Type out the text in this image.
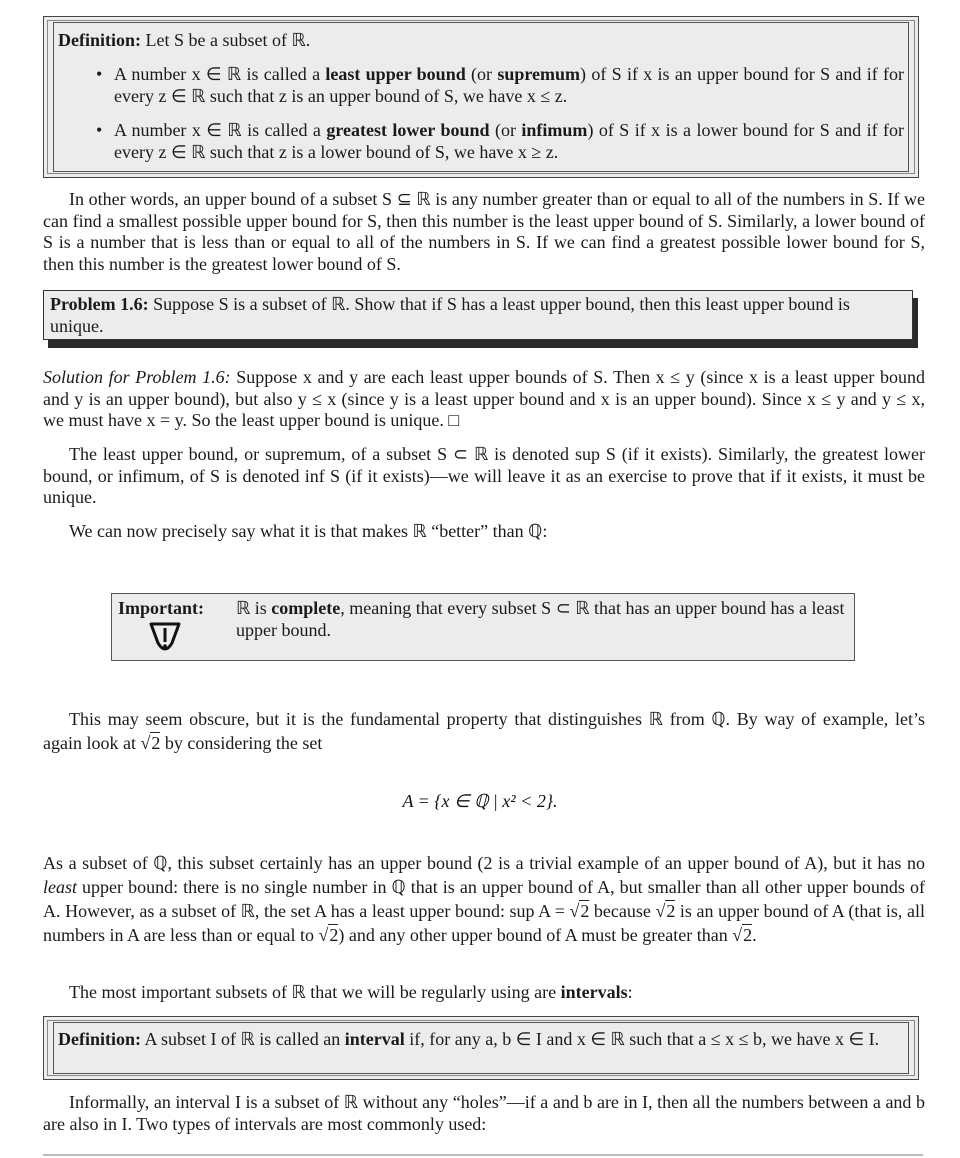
Definition: Let S be a subset of ℝ.
• A number x ∈ ℝ is called a least upper bound (or supremum) of S if x is an upper bound for S and if for every z ∈ ℝ such that z is an upper bound of S, we have x ≤ z.
• A number x ∈ ℝ is called a greatest lower bound (or infimum) of S if x is a lower bound for S and if for every z ∈ ℝ such that z is a lower bound of S, we have x ≥ z.
In other words, an upper bound of a subset S ⊆ ℝ is any number greater than or equal to all of the numbers in S. If we can find a smallest possible upper bound for S, then this number is the least upper bound of S. Similarly, a lower bound of S is a number that is less than or equal to all of the numbers in S. If we can find a greatest possible lower bound for S, then this number is the greatest lower bound of S.
Problem 1.6: Suppose S is a subset of ℝ. Show that if S has a least upper bound, then this least upper bound is unique.
Solution for Problem 1.6: Suppose x and y are each least upper bounds of S. Then x ≤ y (since x is a least upper bound and y is an upper bound), but also y ≤ x (since y is a least upper bound and x is an upper bound). Since x ≤ y and y ≤ x, we must have x = y. So the least upper bound is unique. □
The least upper bound, or supremum, of a subset S ⊂ ℝ is denoted sup S (if it exists). Similarly, the greatest lower bound, or infimum, of S is denoted inf S (if it exists)—we will leave it as an exercise to prove that if it exists, it must be unique.
We can now precisely say what it is that makes ℝ “better” than ℚ:
Important: ℝ is complete, meaning that every subset S ⊂ ℝ that has an upper bound has a least upper bound.
This may seem obscure, but it is the fundamental property that distinguishes ℝ from ℚ. By way of example, let’s again look at √2 by considering the set
A = {x ∈ ℚ | x² < 2}.
As a subset of ℚ, this subset certainly has an upper bound (2 is a trivial example of an upper bound of A), but it has no least upper bound: there is no single number in ℚ that is an upper bound of A, but smaller than all other upper bounds of A. However, as a subset of ℝ, the set A has a least upper bound: sup A = √2 because √2 is an upper bound of A (that is, all numbers in A are less than or equal to √2) and any other upper bound of A must be greater than √2.
The most important subsets of ℝ that we will be regularly using are intervals:
Definition: A subset I of ℝ is called an interval if, for any a, b ∈ I and x ∈ ℝ such that a ≤ x ≤ b, we have x ∈ I.
Informally, an interval I is a subset of ℝ without any “holes”—if a and b are in I, then all the numbers between a and b are also in I. Two types of intervals are most commonly used:
